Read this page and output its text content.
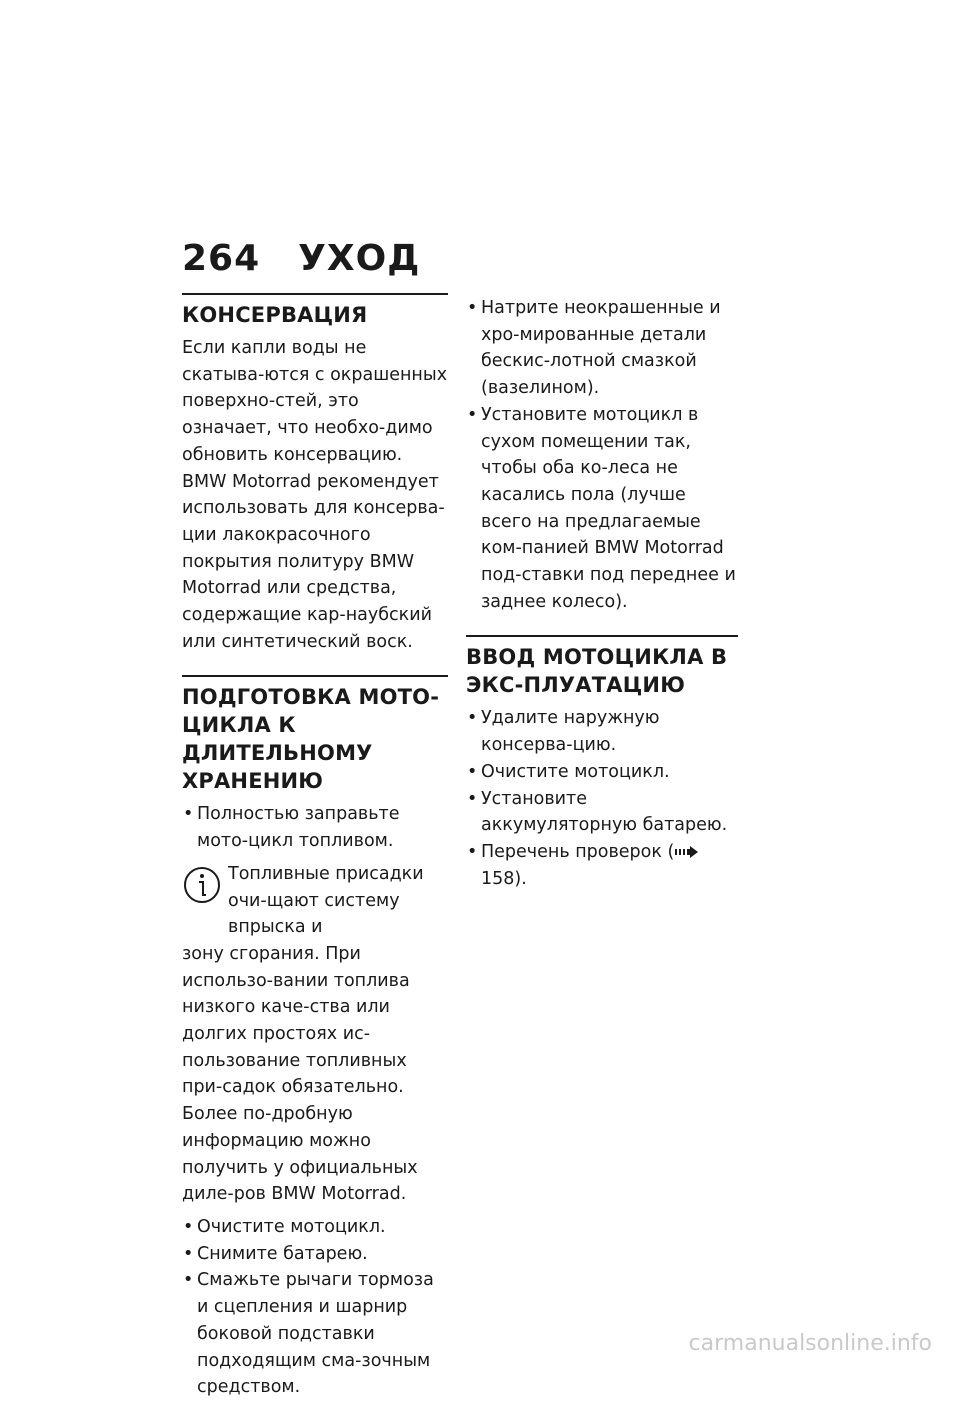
264 УХОД
КОНСЕРВАЦИЯ

Если капли воды не скатыва-ются с окрашенных поверхно-стей, это означает, что необхо-димо обновить консервацию. BMW Motorrad рекомендует использовать для консерва-ции лакокрасочного покрытия политуру BMW Motorrad или средства, содержащие кар-наубский или синтетический воск.

ПОДГОТОВКА МОТО-ЦИКЛА К ДЛИТЕЛЬНОМУ ХРАНЕНИЮ
• Полностью заправьте мото-цикл топливом.

Топливные присадки очи-щают систему впрыска и

зону сгорания. При использо-вании топлива низкого каче-ства или долгих простоях ис-пользование топливных при-садок обязательно. Более по-дробную информацию можно получить у официальных диле-ров BMW Motorrad.

• Очистите мотоцикл.
• Снимите батарею.
• Смажьте рычаги тормоза и сцепления и шарнир боковой подставки подходящим сма-зочным средством.
• Натрите неокрашенные и хро-мированные детали бескис-лотной смазкой (вазелином).
• Установите мотоцикл в сухом помещении так, чтобы оба ко-леса не касались пола (лучше всего на предлагаемые ком-панией BMW Motorrad под-ставки под переднее и заднее колесо).
ВВОД МОТОЦИКЛА В ЭКС-ПЛУАТАЦИЮ
• Удалите наружную консерва-цию.
• Очистите мотоцикл.
• Установите аккумуляторную батарею.
• Перечень проверок ( 158).
carmanualsonline.info
